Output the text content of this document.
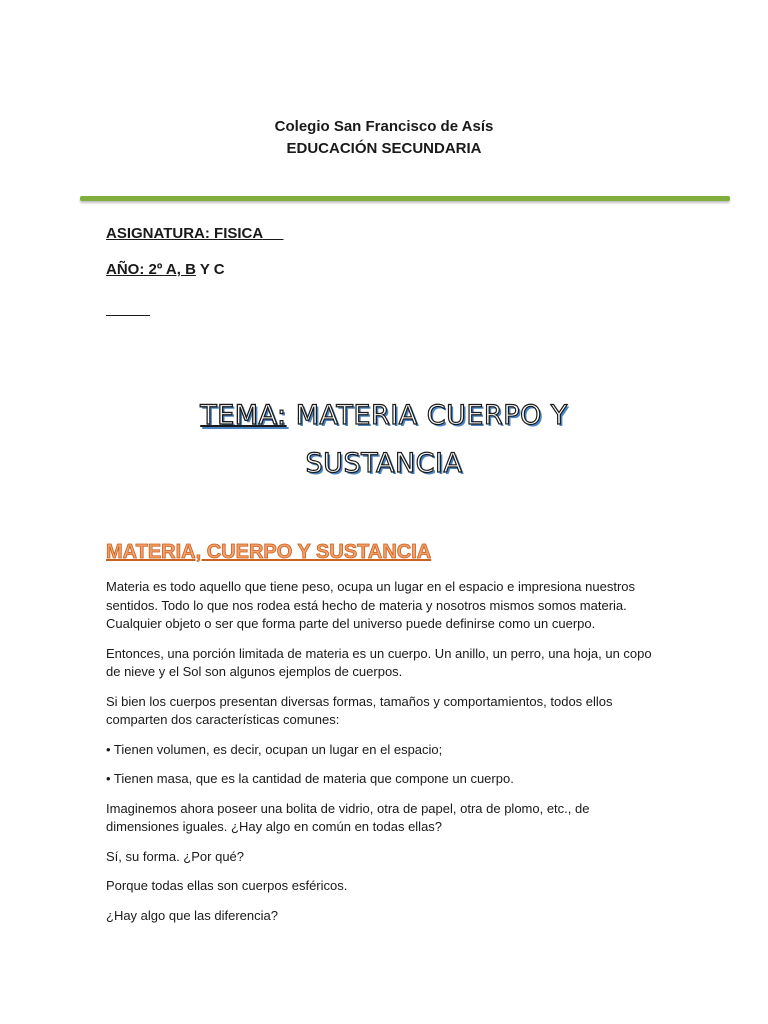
Colegio San Francisco de Asís
EDUCACIÓN SECUNDARIA
ASIGNATURA: FISICA
AÑO: 2º A, B Y C
TEMA: MATERIA CUERPO Y
SUSTANCIA
MATERIA, CUERPO Y SUSTANCIA

Materia es todo aquello que tiene peso, ocupa un lugar en el espacio e impresiona nuestros sentidos. Todo lo que nos rodea está hecho de materia y nosotros mismos somos materia. Cualquier objeto o ser que forma parte del universo puede definirse como un cuerpo.

Entonces, una porción limitada de materia es un cuerpo. Un anillo, un perro, una hoja, un copo de nieve y el Sol son algunos ejemplos de cuerpos.

Si bien los cuerpos presentan diversas formas, tamaños y comportamientos, todos ellos comparten dos características comunes:

• Tienen volumen, es decir, ocupan un lugar en el espacio;

• Tienen masa, que es la cantidad de materia que compone un cuerpo.

Imaginemos ahora poseer una bolita de vidrio, otra de papel, otra de plomo, etc., de dimensiones iguales. ¿Hay algo en común en todas ellas?

Sí, su forma. ¿Por qué?

Porque todas ellas son cuerpos esféricos.

¿Hay algo que las diferencia?
